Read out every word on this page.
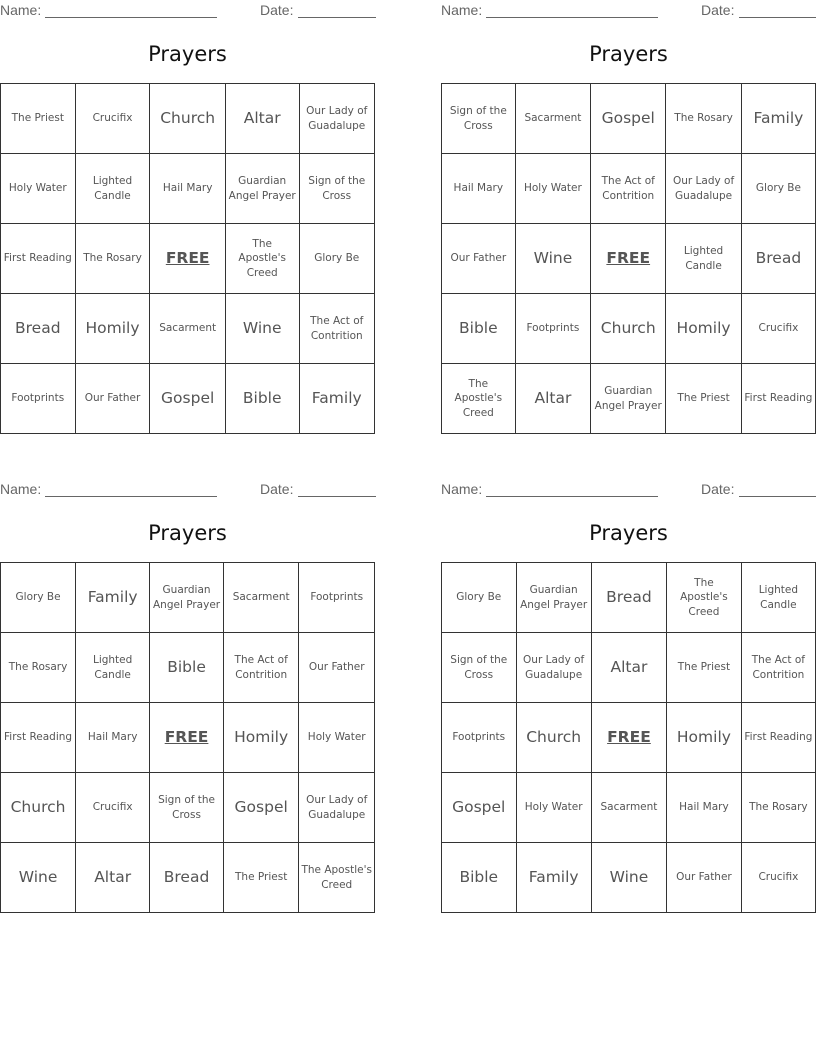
Name:	Date:
Prayers
The Priest	Crucifix	Church	Altar	Our Lady of Guadalupe
Holy Water	Lighted Candle	Hail Mary	Guardian Angel Prayer	Sign of the Cross
First Reading	The Rosary	FREE	The Apostle's Creed	Glory Be
Bread	Homily	Sacarment	Wine	The Act of Contrition
Footprints	Our Father	Gospel	Bible	Family
Name:	Date:
Prayers
Sign of the Cross	Sacarment	Gospel	The Rosary	Family
Hail Mary	Holy Water	The Act of Contrition	Our Lady of Guadalupe	Glory Be
Our Father	Wine	FREE	Lighted Candle	Bread
Bible	Footprints	Church	Homily	Crucifix
The Apostle's Creed	Altar	Guardian Angel Prayer	The Priest	First Reading
Name:	Date:
Prayers
Glory Be	Family	Guardian Angel Prayer	Sacarment	Footprints
The Rosary	Lighted Candle	Bible	The Act of Contrition	Our Father
First Reading	Hail Mary	FREE	Homily	Holy Water
Church	Crucifix	Sign of the Cross	Gospel	Our Lady of Guadalupe
Wine	Altar	Bread	The Priest	The Apostle's Creed
Name:	Date:
Prayers
Glory Be	Guardian Angel Prayer	Bread	The Apostle's Creed	Lighted Candle
Sign of the Cross	Our Lady of Guadalupe	Altar	The Priest	The Act of Contrition
Footprints	Church	FREE	Homily	First Reading
Gospel	Holy Water	Sacarment	Hail Mary	The Rosary
Bible	Family	Wine	Our Father	Crucifix
